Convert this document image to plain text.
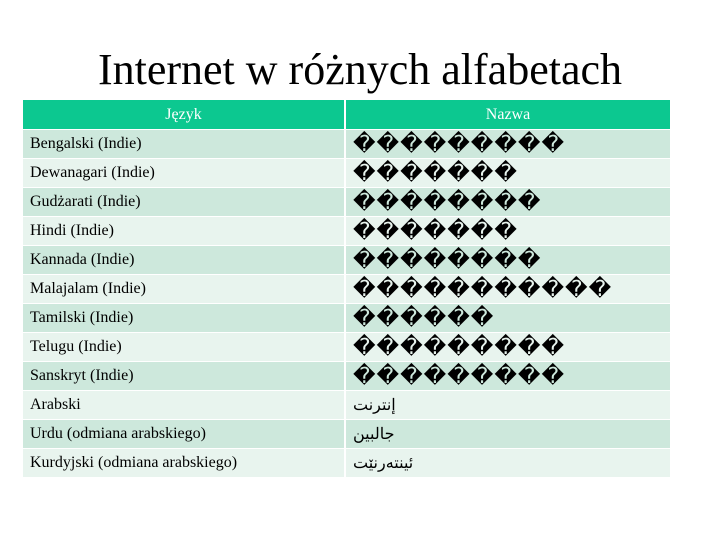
Internet w różnych alfabetach
Język	Nazwa
Bengalski (Indie)	���������
Dewanagari (Indie)	�������
Gudżarati (Indie)	��������
Hindi (Indie)	�������
Kannada (Indie)	��������
Malajalam (Indie)	�����������
Tamilski (Indie)	������
Telugu (Indie)	���������
Sanskryt (Indie)	���������
Arabski	إنترنت
Urdu (odmiana arabskiego)	جالبین
Kurdyjski (odmiana arabskiego)	ئینتەرنێت
